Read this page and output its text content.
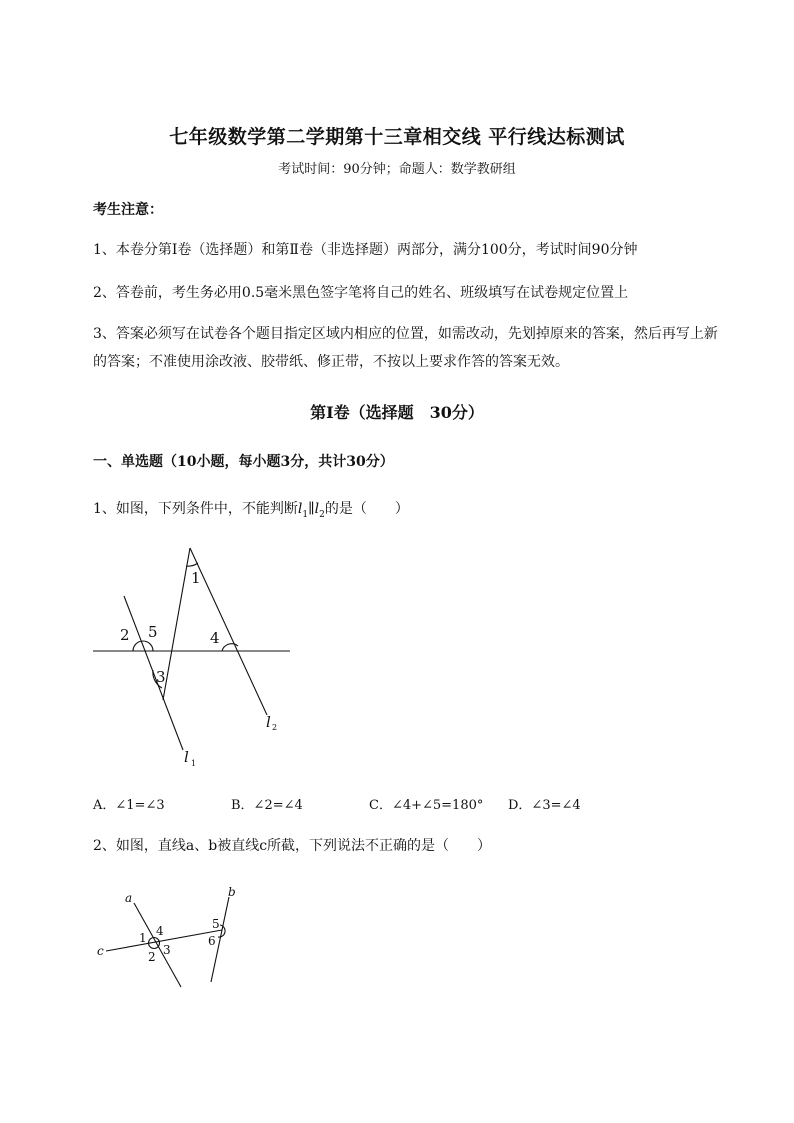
七年级数学第二学期第十三章相交线 平行线达标测试
考试时间：90分钟；命题人：数学教研组
考生注意：
1、本卷分第Ⅰ卷（选择题）和第Ⅱ卷（非选择题）两部分，满分100分，考试时间90分钟
2、答卷前，考生务必用0.5毫米黑色签字笔将自己的姓名、班级填写在试卷规定位置上
3、答案必须写在试卷各个题目指定区域内相应的位置，如需改动，先划掉原来的答案，然后再写上新
的答案；不准使用涂改液、胶带纸、修正带，不按以上要求作答的答案无效。
第Ⅰ卷（选择题　30分）
一、单选题（10小题，每小题3分，共计30分）
1、如图，下列条件中，不能判断$l_1\parallel l_2$的是（　　）
1
2
3
4
5
l 1
l 2
A．∠1=∠3	B．∠2=∠4	C．∠4+∠5=180° D．∠3=∠4
2、如图，直线a、b被直线c所截，下列说法不正确的是（　　）
a	b
c
1
2 3
4	5
6
